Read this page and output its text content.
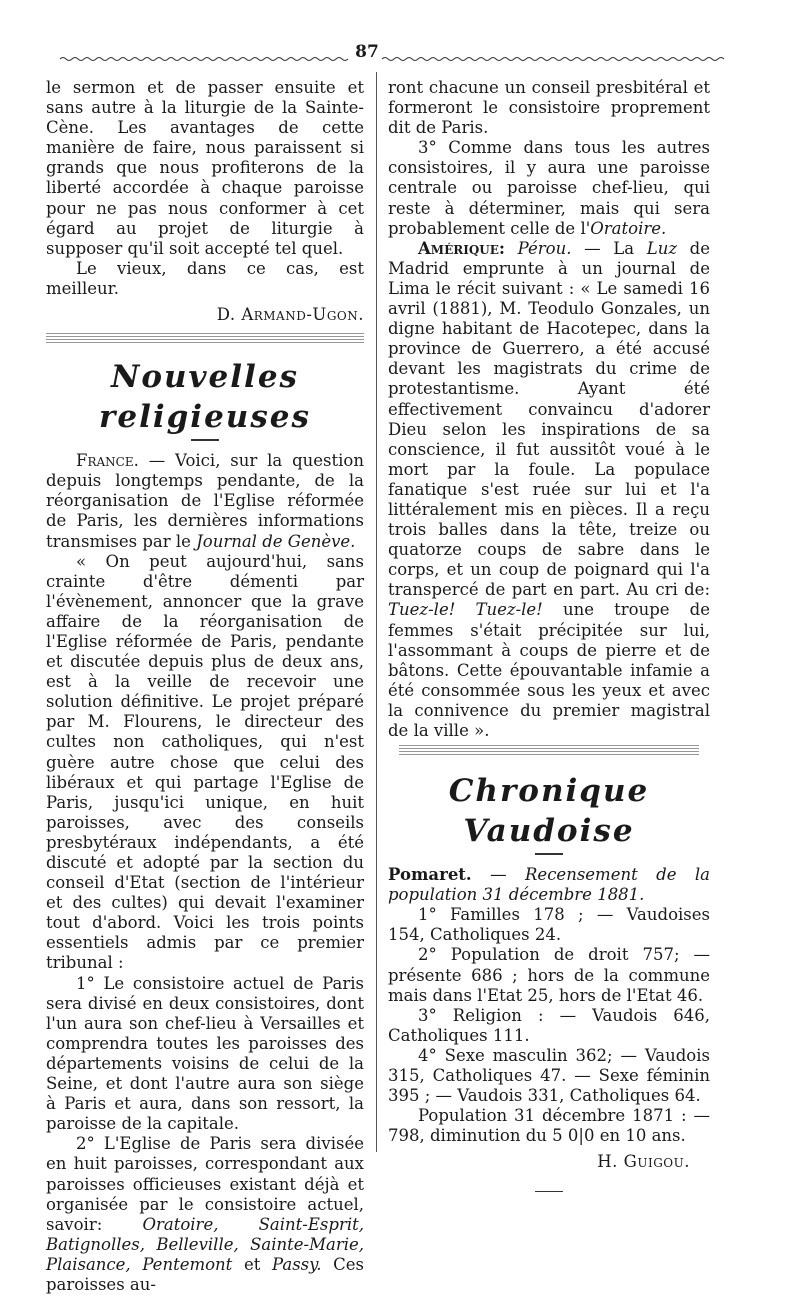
87

le sermon et de passer ensuite et sans autre à la liturgie de la Sainte-Cène. Les avantages de cette manière de faire, nous paraissent si grands que nous profiterons de la liberté accordée à chaque paroisse pour ne pas nous conformer à cet égard au projet de liturgie à supposer qu'il soit accepté tel quel.

Le vieux, dans ce cas, est meilleur.

D. Armand-Ugon.
Nouvelles religieuses

France. — Voici, sur la question depuis longtemps pendante, de la réorganisation de l'Eglise réformée de Paris, les dernières informations transmises par le Journal de Genève.

« On peut aujourd'hui, sans crainte d'être démenti par l'évènement, annoncer que la grave affaire de la réorganisation de l'Eglise réformée de Paris, pendante et discutée depuis plus de deux ans, est à la veille de recevoir une solution définitive. Le projet préparé par M. Flourens, le directeur des cultes non catholiques, qui n'est guère autre chose que celui des libéraux et qui partage l'Eglise de Paris, jusqu'ici unique, en huit paroisses, avec des conseils presbytéraux indépendants, a été discuté et adopté par la section du conseil d'Etat (section de l'intérieur et des cultes) qui devait l'examiner tout d'abord. Voici les trois points essentiels admis par ce premier tribunal :

1° Le consistoire actuel de Paris sera divisé en deux consistoires, dont l'un aura son chef-lieu à Versailles et comprendra toutes les paroisses des départements voisins de celui de la Seine, et dont l'autre aura son siège à Paris et aura, dans son ressort, la paroisse de la capitale.

2° L'Eglise de Paris sera divisée en huit paroisses, correspondant aux paroisses officieuses existant déjà et organisée par le consistoire actuel, savoir: Oratoire, Saint-Esprit, Batignolles, Belleville, Sainte-Marie, Plaisance, Pentemont et Passy. Ces paroisses au-

ront chacune un conseil presbitéral et formeront le consistoire proprement dit de Paris.

3° Comme dans tous les autres consistoires, il y aura une paroisse centrale ou paroisse chef-lieu, qui reste à déterminer, mais qui sera probablement celle de l'Oratoire.

Amérique: Pérou. — La Luz de Madrid emprunte à un journal de Lima le récit suivant : « Le samedi 16 avril (1881), M. Teodulo Gonzales, un digne habitant de Hacotepec, dans la province de Guerrero, a été accusé devant les magistrats du crime de protestantisme. Ayant été effectivement convaincu d'adorer Dieu selon les inspirations de sa conscience, il fut aussitôt voué à le mort par la foule. La populace fanatique s'est ruée sur lui et l'a littéralement mis en pièces. Il a reçu trois balles dans la tête, treize ou quatorze coups de sabre dans le corps, et un coup de poignard qui l'a transpercé de part en part. Au cri de: Tuez-le! Tuez-le! une troupe de femmes s'était précipitée sur lui, l'assommant à coups de pierre et de bâtons. Cette épouvantable infamie a été consommée sous les yeux et avec la connivence du premier magistral de la ville ».

Chronique Vaudoise

Pomaret. — Recensement de la population 31 décembre 1881.

1° Familles 178 ; — Vaudoises 154, Catholiques 24.

2° Population de droit 757; — présente 686 ; hors de la commune mais dans l'Etat 25, hors de l'Etat 46.

3° Religion : — Vaudois 646, Catholiques 111.

4° Sexe masculin 362; — Vaudois 315, Catholiques 47. — Sexe féminin 395 ; — Vaudois 331, Catholiques 64.

Population 31 décembre 1871 : — 798, diminution du 5 0|0 en 10 ans.

H. Guigou.
